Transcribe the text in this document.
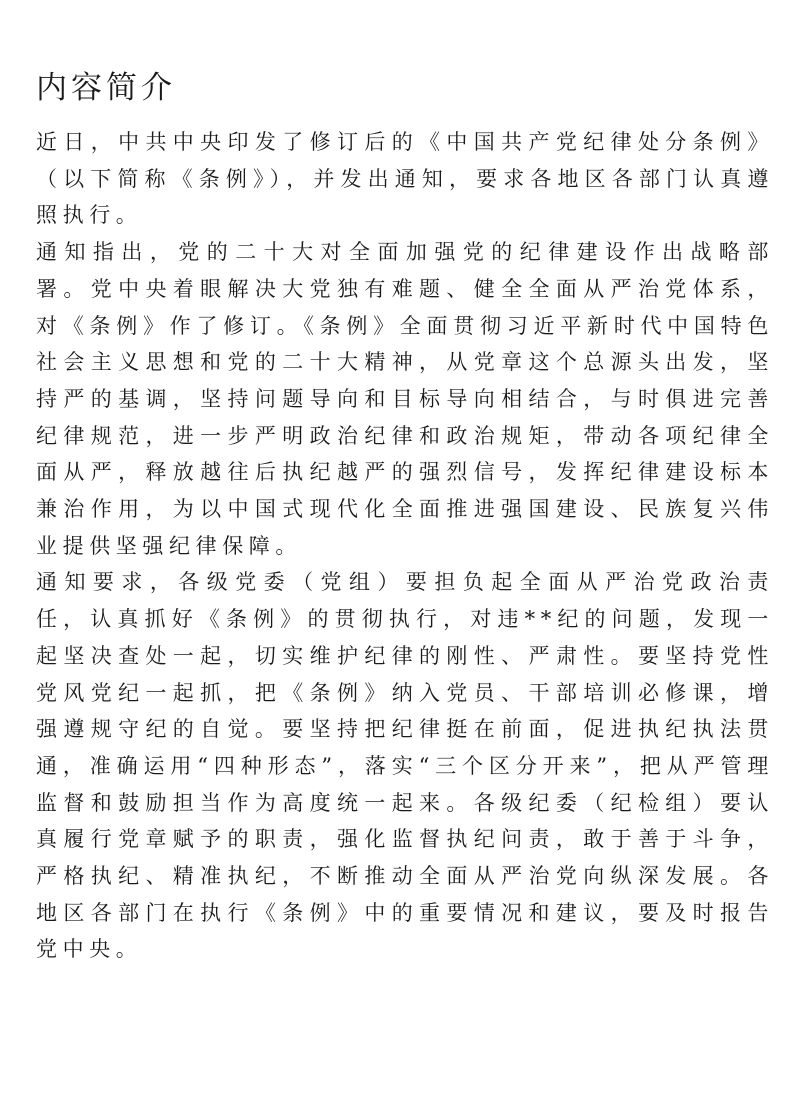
内容简介

近日，中共中央印发了修订后的《中国共产党纪律处分条例》（以下简称《条例》），并发出通知，要求各地区各部门认真遵照执行。

通知指出，党的二十大对全面加强党的纪律建设作出战略部署。党中央着眼解决大党独有难题、健全全面从严治党体系，对《条例》作了修订。《条例》全面贯彻习近平新时代中国特色社会主义思想和党的二十大精神，从党章这个总源头出发，坚持严的基调，坚持问题导向和目标导向相结合，与时俱进完善纪律规范，进一步严明政治纪律和政治规矩，带动各项纪律全面从严，释放越往后执纪越严的强烈信号，发挥纪律建设标本兼治作用，为以中国式现代化全面推进强国建设、民族复兴伟业提供坚强纪律保障。

通知要求，各级党委（党组）要担负起全面从严治党政治责任，认真抓好《条例》的贯彻执行，对违**纪的问题，发现一起坚决查处一起，切实维护纪律的刚性、严肃性。要坚持党性党风党纪一起抓，把《条例》纳入党员、干部培训必修课，增强遵规守纪的自觉。要坚持把纪律挺在前面，促进执纪执法贯通，准确运用“四种形态”，落实“三个区分开来”，把从严管理监督和鼓励担当作为高度统一起来。各级纪委（纪检组）要认真履行党章赋予的职责，强化监督执纪问责，敢于善于斗争，严格执纪、精准执纪，不断推动全面从严治党向纵深发展。各地区各部门在执行《条例》中的重要情况和建议，要及时报告党中央。
